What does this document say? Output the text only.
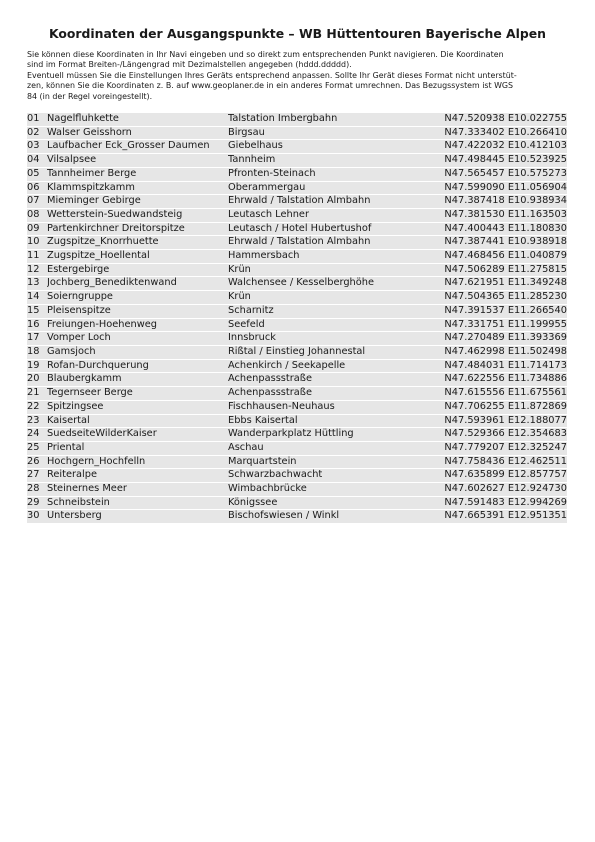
Koordinaten der Ausgangspunkte – WB Hüttentouren Bayerische Alpen

Sie können diese Koordinaten in Ihr Navi eingeben und so direkt zum entsprechenden Punkt navigieren. Die Koordinaten

sind im Format Breiten-/Längengrad mit Dezimalstellen angegeben (hddd.ddddd).

Eventuell müssen Sie die Einstellungen Ihres Geräts entsprechend anpassen. Sollte Ihr Gerät dieses Format nicht unterstüt-

zen, können Sie die Koordinaten z. B. auf www.geoplaner.de in ein anderes Format umrechnen. Das Bezugssystem ist WGS

84 (in der Regel voreingestellt).

01	Nagelfluhkette	Talstation Imbergbahn	N47.520938 E10.022755
02	Walser Geisshorn	Birgsau	N47.333402 E10.266410
03	Laufbacher Eck_Grosser Daumen	Giebelhaus	N47.422032 E10.412103
04	Vilsalpsee	Tannheim	N47.498445 E10.523925
05	Tannheimer Berge	Pfronten-Steinach	N47.565457 E10.575273
06	Klammspitzkamm	Oberammergau	N47.599090 E11.056904
07	Mieminger Gebirge	Ehrwald / Talstation Almbahn	N47.387418 E10.938934
08	Wetterstein-Suedwandsteig	Leutasch Lehner	N47.381530 E11.163503
09	Partenkirchner Dreitorspitze	Leutasch / Hotel Hubertushof	N47.400443 E11.180830
10	Zugspitze_Knorrhuette	Ehrwald / Talstation Almbahn	N47.387441 E10.938918
11	Zugspitze_Hoellental	Hammersbach	N47.468456 E11.040879
12	Estergebirge	Krün	N47.506289 E11.275815
13	Jochberg_Benediktenwand	Walchensee / Kesselberghöhe	N47.621951 E11.349248
14	Soierngruppe	Krün	N47.504365 E11.285230
15	Pleisenspitze	Scharnitz	N47.391537 E11.266540
16	Freiungen-Hoehenweg	Seefeld	N47.331751 E11.199955
17	Vomper Loch	Innsbruck	N47.270489 E11.393369
18	Gamsjoch	Rißtal / Einstieg Johannestal	N47.462998 E11.502498
19	Rofan-Durchquerung	Achenkirch / Seekapelle	N47.484031 E11.714173
20	Blaubergkamm	Achenpassstraße	N47.622556 E11.734886
21	Tegernseer Berge	Achenpassstraße	N47.615556 E11.675561
22	Spitzingsee	Fischhausen-Neuhaus	N47.706255 E11.872869
23	Kaisertal	Ebbs Kaisertal	N47.593961 E12.188077
24	SuedseiteWilderKaiser	Wanderparkplatz Hüttling	N47.529366 E12.354683
25	Priental	Aschau	N47.779207 E12.325247
26	Hochgern_Hochfelln	Marquartstein	N47.758436 E12.462511
27	Reiteralpe	Schwarzbachwacht	N47.635899 E12.857757
28	Steinernes Meer	Wimbachbrücke	N47.602627 E12.924730
29	Schneibstein	Königssee	N47.591483 E12.994269
30	Untersberg	Bischofswiesen / Winkl	N47.665391 E12.951351
